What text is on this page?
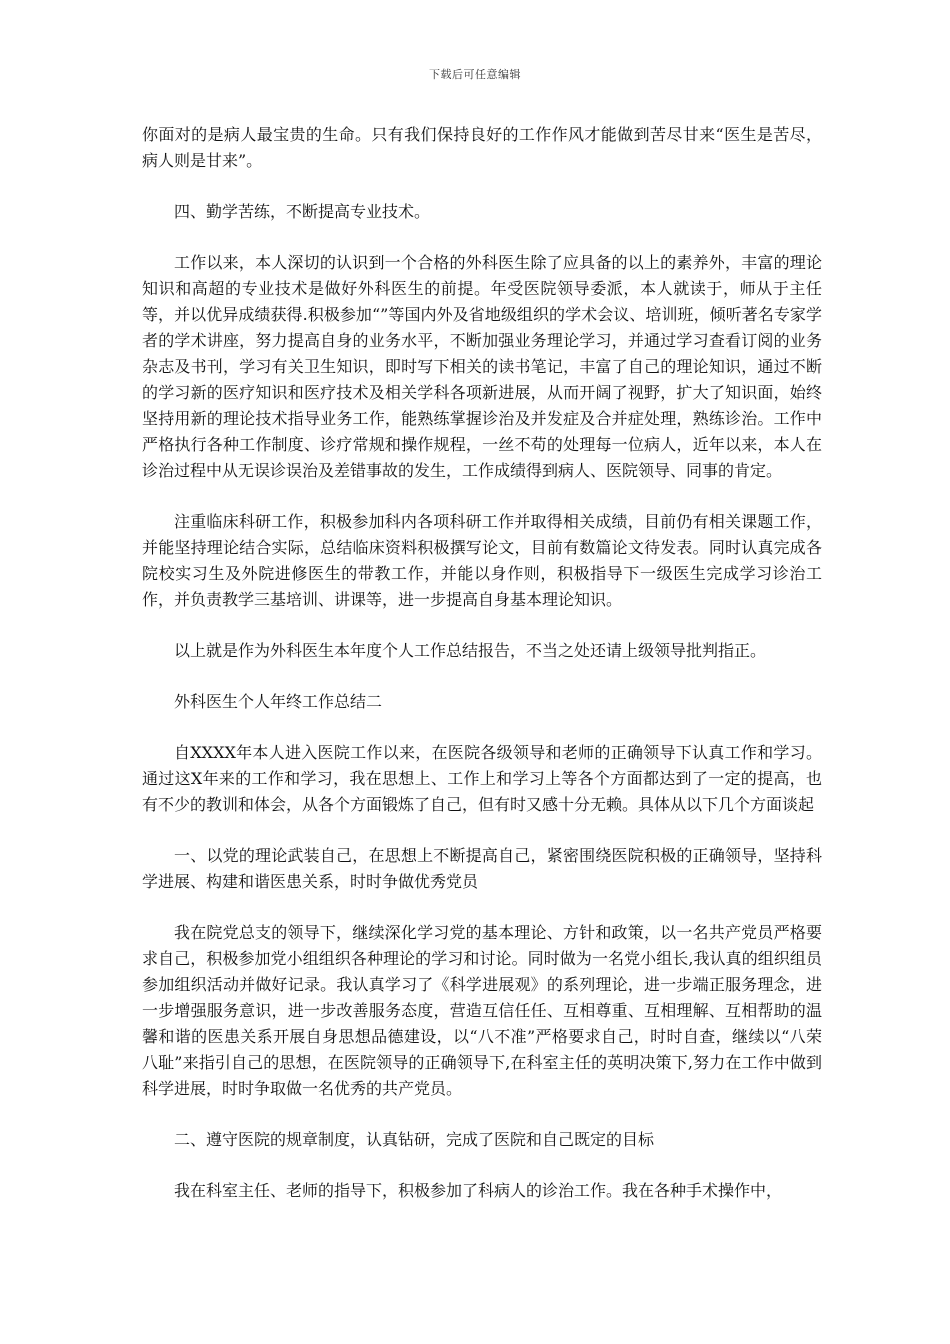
下载后可任意编辑

你面对的是病人最宝贵的生命。只有我们保持良好的工作作风才能做到苦尽甘来“医生是苦尽，病人则是甘来”。

四、勤学苦练，不断提高专业技术。

工作以来，本人深切的认识到一个合格的外科医生除了应具备的以上的素养外，丰富的理论知识和高超的专业技术是做好外科医生的前提。年受医院领导委派，本人就读于，师从于主任等，并以优异成绩获得.积极参加“”等国内外及省地级组织的学术会议、培训班，倾听著名专家学者的学术讲座，努力提高自身的业务水平，不断加强业务理论学习，并通过学习查看订阅的业务杂志及书刊，学习有关卫生知识，即时写下相关的读书笔记，丰富了自己的理论知识，通过不断的学习新的医疗知识和医疗技术及相关学科各项新进展，从而开阔了视野，扩大了知识面，始终坚持用新的理论技术指导业务工作，能熟练掌握诊治及并发症及合并症处理，熟练诊治。工作中严格执行各种工作制度、诊疗常规和操作规程，一丝不苟的处理每一位病人，近年以来，本人在诊治过程中从无误诊误治及差错事故的发生，工作成绩得到病人、医院领导、同事的肯定。

注重临床科研工作，积极参加科内各项科研工作并取得相关成绩，目前仍有相关课题工作，并能坚持理论结合实际，总结临床资料积极撰写论文，目前有数篇论文待发表。同时认真完成各院校实习生及外院进修医生的带教工作，并能以身作则，积极指导下一级医生完成学习诊治工作，并负责教学三基培训、讲课等，进一步提高自身基本理论知识。

以上就是作为外科医生本年度个人工作总结报告，不当之处还请上级领导批判指正。

外科医生个人年终工作总结二

自XXXX年本人进入医院工作以来，在医院各级领导和老师的正确领导下认真工作和学习。通过这X年来的工作和学习，我在思想上、工作上和学习上等各个方面都达到了一定的提高，也有不少的教训和体会，从各个方面锻炼了自己，但有时又感十分无赖。具体从以下几个方面谈起

一、以党的理论武装自己，在思想上不断提高自己，紧密围绕医院积极的正确领导，坚持科学进展、构建和谐医患关系，时时争做优秀党员

我在院党总支的领导下，继续深化学习党的基本理论、方针和政策，以一名共产党员严格要求自己，积极参加党小组组织各种理论的学习和讨论。同时做为一名党小组长,我认真的组织组员参加组织活动并做好记录。我认真学习了《科学进展观》的系列理论，进一步端正服务理念，进一步增强服务意识，进一步改善服务态度，营造互信任任、互相尊重、互相理解、互相帮助的温馨和谐的医患关系开展自身思想品德建设，以“八不准”严格要求自己，时时自查，继续以“八荣八耻”来指引自己的思想，在医院领导的正确领导下,在科室主任的英明决策下,努力在工作中做到科学进展，时时争取做一名优秀的共产党员。

二、遵守医院的规章制度，认真钻研，完成了医院和自己既定的目标

我在科室主任、老师的指导下，积极参加了科病人的诊治工作。我在各种手术操作中，
